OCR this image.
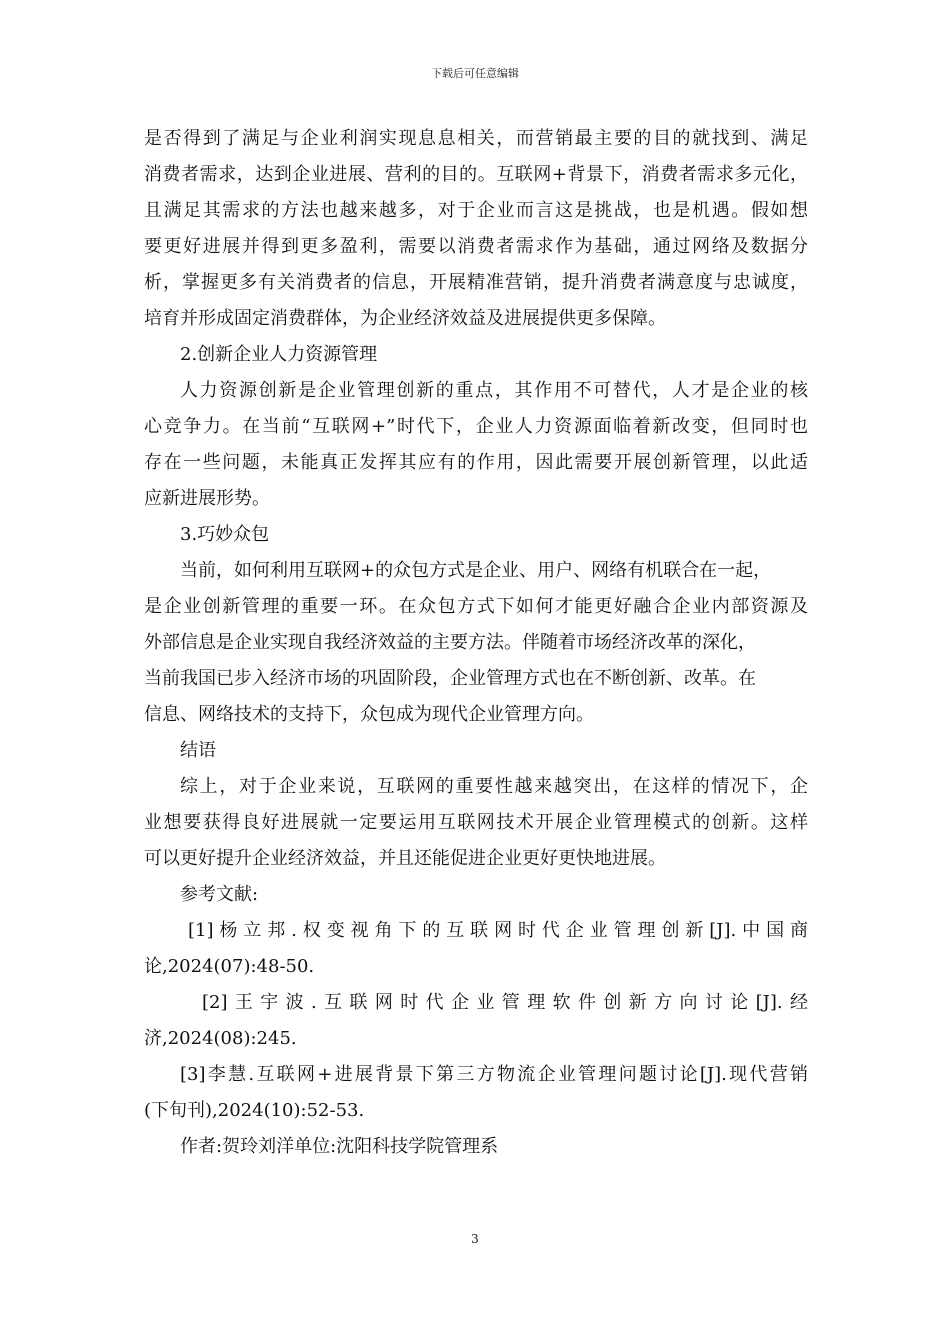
下载后可任意编辑

是否得到了满足与企业利润实现息息相关，而营销最主要的目的就找到、满足

消费者需求，达到企业进展、营利的目的。互联网+背景下，消费者需求多元化，

且满足其需求的方法也越来越多，对于企业而言这是挑战，也是机遇。假如想

要更好进展并得到更多盈利，需要以消费者需求作为基础，通过网络及数据分

析，掌握更多有关消费者的信息，开展精准营销，提升消费者满意度与忠诚度，

培育并形成固定消费群体，为企业经济效益及进展提供更多保障。

2.创新企业人力资源管理

人力资源创新是企业管理创新的重点，其作用不可替代，人才是企业的核

心竞争力。在当前“互联网+”时代下，企业人力资源面临着新改变，但同时也

存在一些问题，未能真正发挥其应有的作用，因此需要开展创新管理，以此适

应新进展形势。

3.巧妙众包

当前，如何利用互联网+的众包方式是企业、用户、网络有机联合在一起，

是企业创新管理的重要一环。在众包方式下如何才能更好融合企业内部资源及

外部信息是企业实现自我经济效益的主要方法。伴随着市场经济改革的深化，

当前我国已步入经济市场的巩固阶段，企业管理方式也在不断创新、改革。在

信息、网络技术的支持下，众包成为现代企业管理方向。

结语

综上，对于企业来说，互联网的重要性越来越突出，在这样的情况下，企

业想要获得良好进展就一定要运用互联网技术开展企业管理模式的创新。这样

可以更好提升企业经济效益，并且还能促进企业更好更快地进展。

参考文献:

[1]杨立邦.权变视角下的互联网时代企业管理创新[J].中国商

论,2024(07):48-50.

[2]王宇波.互联网时代企业管理软件创新方向讨论[J].经

济,2024(08):245.

[3]李慧.互联网+进展背景下第三方物流企业管理问题讨论[J].现代营销

(下旬刊),2024(10):52-53.

作者:贺玲刘洋单位:沈阳科技学院管理系

3
